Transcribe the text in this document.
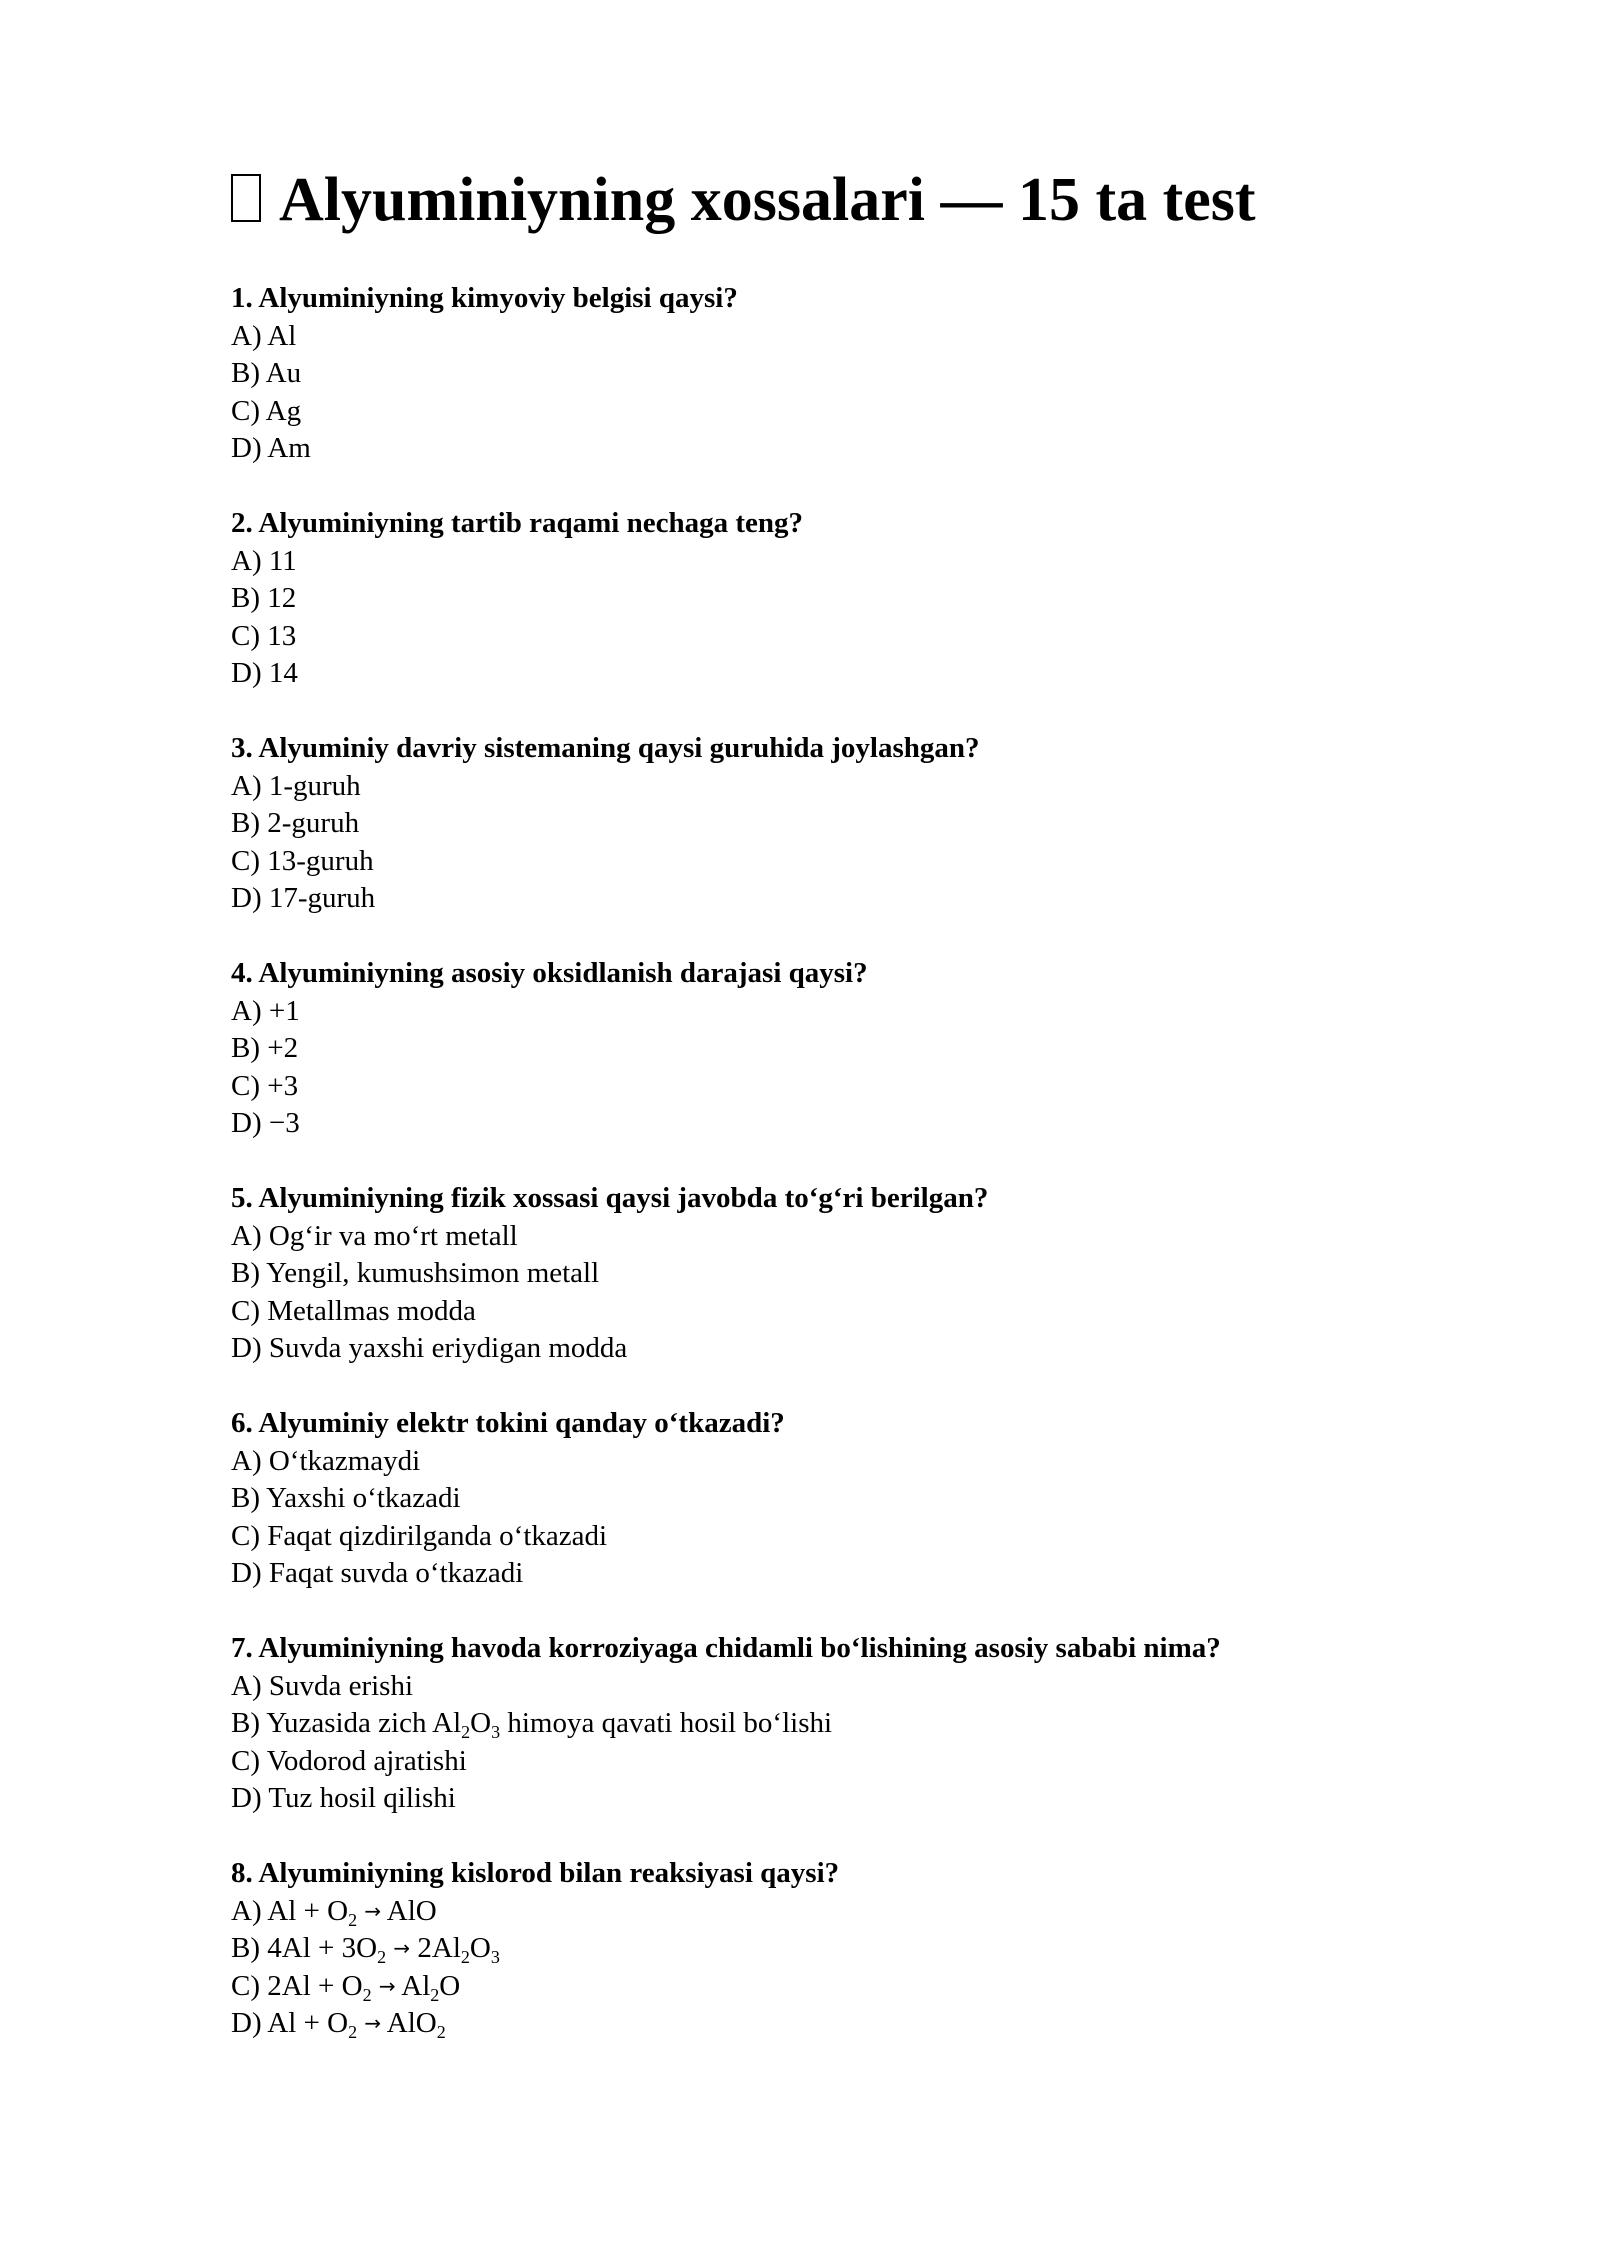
Alyuminiyning xossalari — 15 ta test
1. Alyuminiyning kimyoviy belgisi qaysi?
A) Al
B) Au
C) Ag
D) Am
2. Alyuminiyning tartib raqami nechaga teng?
A) 11
B) 12
C) 13
D) 14
3. Alyuminiy davriy sistemaning qaysi guruhida joylashgan?
A) 1-guruh
B) 2-guruh
C) 13-guruh
D) 17-guruh
4. Alyuminiyning asosiy oksidlanish darajasi qaysi?
A) +1
B) +2
C) +3
D) −3
5. Alyuminiyning fizik xossasi qaysi javobda to‘g‘ri berilgan?
A) Og‘ir va mo‘rt metall
B) Yengil, kumushsimon metall
C) Metallmas modda
D) Suvda yaxshi eriydigan modda
6. Alyuminiy elektr tokini qanday o‘tkazadi?
A) O‘tkazmaydi
B) Yaxshi o‘tkazadi
C) Faqat qizdirilganda o‘tkazadi
D) Faqat suvda o‘tkazadi
7. Alyuminiyning havoda korroziyaga chidamli bo‘lishining asosiy sababi nima?
A) Suvda erishi
B) Yuzasida zich $Al_2O_3$ himoya qavati hosil bo‘lishi
C) Vodorod ajratishi
D) Tuz hosil qilishi
8. Alyuminiyning kislorod bilan reaksiyasi qaysi?
A) $Al + O_2$ → AlO
B) $4Al + 3O_2 \to 2Al_2O_3$
C) $2Al + O_2 \to Al_2O$
D) $Al + O_2 \to AlO_2$
